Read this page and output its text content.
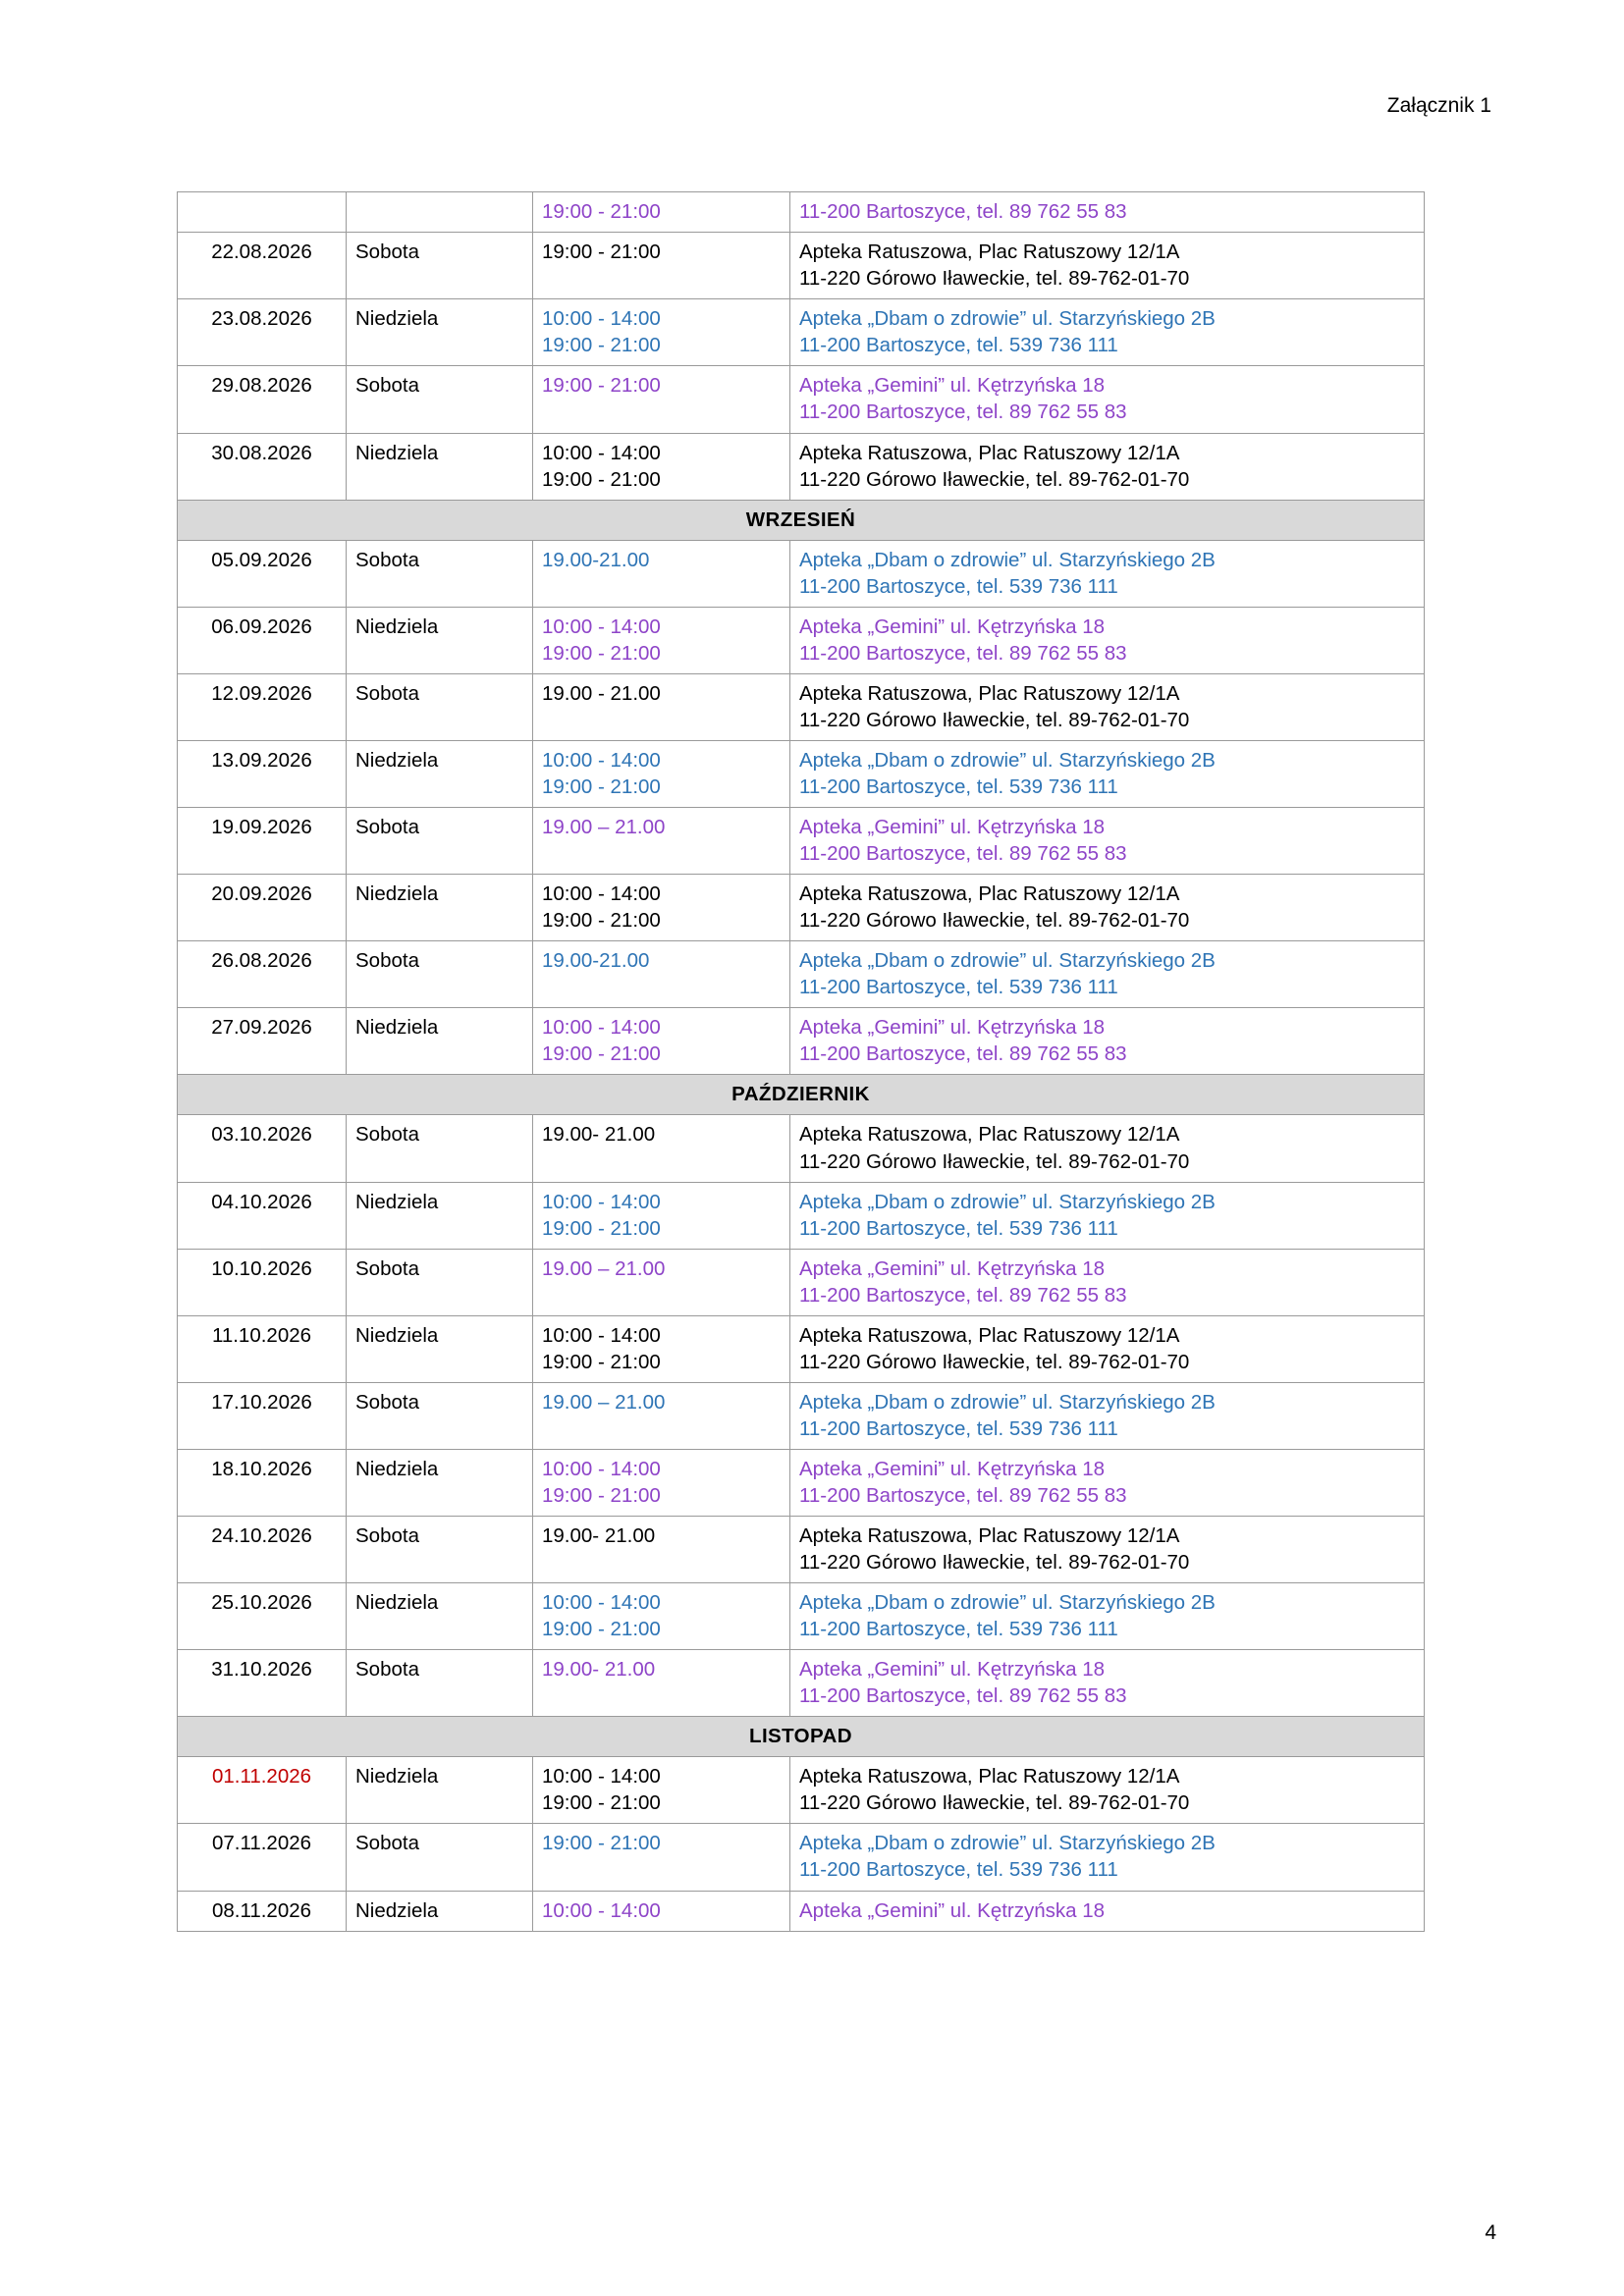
Załącznik 1

		19:00 - 21:00	11-200 Bartoszyce, tel. 89 762 55 83

22.08.2026	Sobota	19:00 - 21:00	Apteka Ratuszowa, Plac Ratuszowy 12/1A
11-220 Górowo Iławeckie, tel. 89-762-01-70

23.08.2026	Niedziela	10:00 - 14:00
19:00 - 21:00	Apteka „Dbam o zdrowie” ul. Starzyńskiego 2B
11-200 Bartoszyce, tel. 539 736 111

29.08.2026	Sobota	19:00 - 21:00	Apteka „Gemini” ul. Kętrzyńska 18
11-200 Bartoszyce, tel. 89 762 55 83

30.08.2026	Niedziela	10:00 - 14:00
19:00 - 21:00	Apteka Ratuszowa, Plac Ratuszowy 12/1A
11-220 Górowo Iławeckie, tel. 89-762-01-70

WRZESIEŃ			
05.09.2026	Sobota	19.00-21.00	Apteka „Dbam o zdrowie” ul. Starzyńskiego 2B
11-200 Bartoszyce, tel. 539 736 111

06.09.2026	Niedziela	10:00 - 14:00
19:00 - 21:00	Apteka „Gemini” ul. Kętrzyńska 18
11-200 Bartoszyce, tel. 89 762 55 83

12.09.2026	Sobota	19.00 - 21.00	Apteka Ratuszowa, Plac Ratuszowy 12/1A
11-220 Górowo Iławeckie, tel. 89-762-01-70

13.09.2026	Niedziela	10:00 - 14:00
19:00 - 21:00	Apteka „Dbam o zdrowie” ul. Starzyńskiego 2B
11-200 Bartoszyce, tel. 539 736 111

19.09.2026	Sobota	19.00 – 21.00	Apteka „Gemini” ul. Kętrzyńska 18
11-200 Bartoszyce, tel. 89 762 55 83

20.09.2026	Niedziela	10:00 - 14:00
19:00 - 21:00	Apteka Ratuszowa, Plac Ratuszowy 12/1A
11-220 Górowo Iławeckie, tel. 89-762-01-70

26.08.2026	Sobota	19.00-21.00	Apteka „Dbam o zdrowie” ul. Starzyńskiego 2B
11-200 Bartoszyce, tel. 539 736 111

27.09.2026	Niedziela	10:00 - 14:00
19:00 - 21:00	Apteka „Gemini” ul. Kętrzyńska 18
11-200 Bartoszyce, tel. 89 762 55 83

PAŹDZIERNIK			
03.10.2026	Sobota	19.00- 21.00	Apteka Ratuszowa, Plac Ratuszowy 12/1A
11-220 Górowo Iławeckie, tel. 89-762-01-70

04.10.2026	Niedziela	10:00 - 14:00
19:00 - 21:00	Apteka „Dbam o zdrowie” ul. Starzyńskiego 2B
11-200 Bartoszyce, tel. 539 736 111

10.10.2026	Sobota	19.00 – 21.00	Apteka „Gemini” ul. Kętrzyńska 18
11-200 Bartoszyce, tel. 89 762 55 83

11.10.2026	Niedziela	10:00 - 14:00
19:00 - 21:00	Apteka Ratuszowa, Plac Ratuszowy 12/1A
11-220 Górowo Iławeckie, tel. 89-762-01-70

17.10.2026	Sobota	19.00 – 21.00	Apteka „Dbam o zdrowie” ul. Starzyńskiego 2B
11-200 Bartoszyce, tel. 539 736 111

18.10.2026	Niedziela	10:00 - 14:00
19:00 - 21:00	Apteka „Gemini” ul. Kętrzyńska 18
11-200 Bartoszyce, tel. 89 762 55 83

24.10.2026	Sobota	19.00- 21.00	Apteka Ratuszowa, Plac Ratuszowy 12/1A
11-220 Górowo Iławeckie, tel. 89-762-01-70

25.10.2026	Niedziela	10:00 - 14:00
19:00 - 21:00	Apteka „Dbam o zdrowie” ul. Starzyńskiego 2B
11-200 Bartoszyce, tel. 539 736 111

31.10.2026	Sobota	19.00- 21.00	Apteka „Gemini” ul. Kętrzyńska 18
11-200 Bartoszyce, tel. 89 762 55 83

LISTOPAD			
01.11.2026	Niedziela	10:00 - 14:00
19:00 - 21:00	Apteka Ratuszowa, Plac Ratuszowy 12/1A
11-220 Górowo Iławeckie, tel. 89-762-01-70

07.11.2026	Sobota	19:00 - 21:00	Apteka „Dbam o zdrowie” ul. Starzyńskiego 2B
11-200 Bartoszyce, tel. 539 736 111

08.11.2026	Niedziela	10:00 - 14:00	Apteka „Gemini” ul. Kętrzyńska 18
4
